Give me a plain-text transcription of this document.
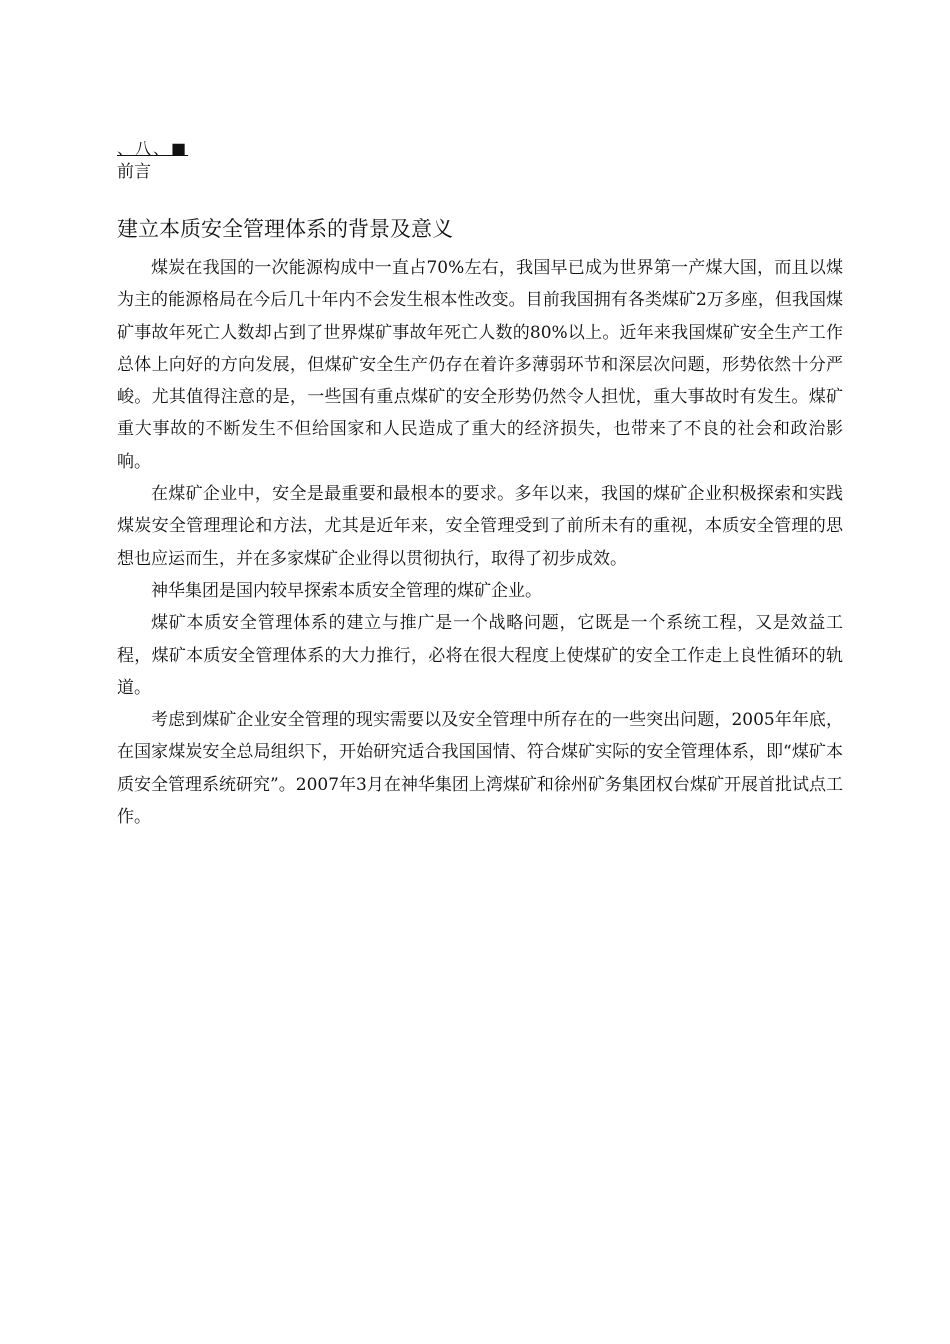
、八、■
前言
建立本质安全管理体系的背景及意义

煤炭在我国的一次能源构成中一直占70%左右，我国早已成为世界第一产煤大国，而且以煤为主的能源格局在今后几十年内不会发生根本性改变。目前我国拥有各类煤矿2万多座，但我国煤矿事故年死亡人数却占到了世界煤矿事故年死亡人数的80%以上。近年来我国煤矿安全生产工作总体上向好的方向发展，但煤矿安全生产仍存在着许多薄弱环节和深层次问题，形势依然十分严峻。尤其值得注意的是，一些国有重点煤矿的安全形势仍然令人担忧，重大事故时有发生。煤矿重大事故的不断发生不但给国家和人民造成了重大的经济损失，也带来了不良的社会和政治影响。

在煤矿企业中，安全是最重要和最根本的要求。多年以来，我国的煤矿企业积极探索和实践煤炭安全管理理论和方法，尤其是近年来，安全管理受到了前所未有的重视，本质安全管理的思想也应运而生，并在多家煤矿企业得以贯彻执行，取得了初步成效。

神华集团是国内较早探索本质安全管理的煤矿企业。

煤矿本质安全管理体系的建立与推广是一个战略问题，它既是一个系统工程，又是效益工程，煤矿本质安全管理体系的大力推行，必将在很大程度上使煤矿的安全工作走上良性循环的轨道。

考虑到煤矿企业安全管理的现实需要以及安全管理中所存在的一些突出问题，2005年年底，在国家煤炭安全总局组织下，开始研究适合我国国情、符合煤矿实际的安全管理体系，即“煤矿本质安全管理系统研究”。2007年3月在神华集团上湾煤矿和徐州矿务集团权台煤矿开展首批试点工作。
